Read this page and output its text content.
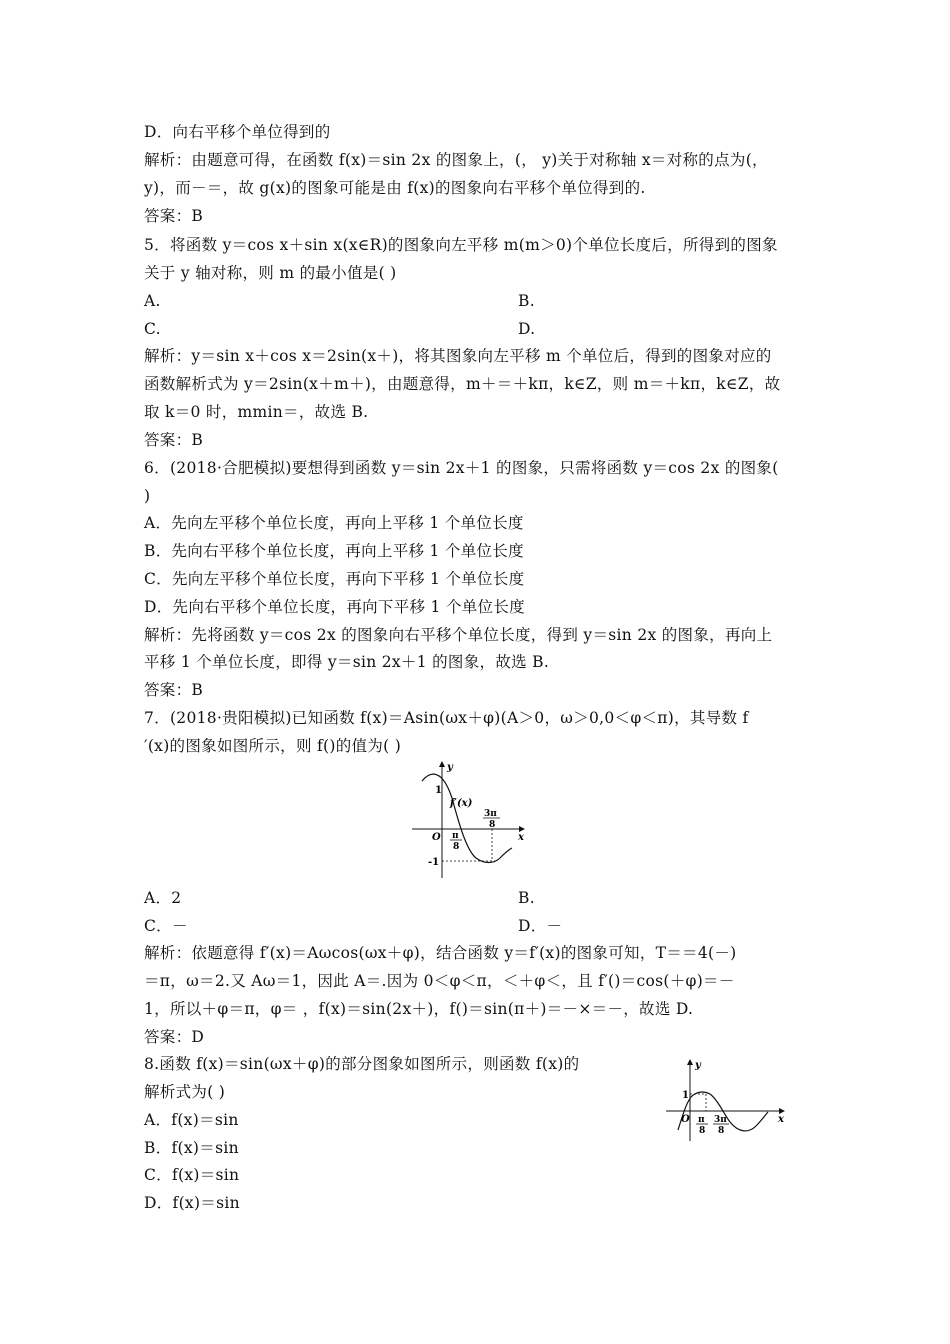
D．向右平移个单位得到的
解析：由题意可得，在函数 f(x)＝sin 2x 的图象上，(， y)关于对称轴 x＝对称的点为(，
y)，而－＝，故 g(x)的图象可能是由 f(x)的图象向右平移个单位得到的.
答案：B
5．将函数 y＝cos x＋sin x(x∈R)的图象向左平移 m(m＞0)个单位长度后，所得到的图象
关于 y 轴对称，则 m 的最小值是( )
A.
C.
解析：y＝sin x＋cos x＝2sin(x＋)，将其图象向左平移 m 个单位后，得到的图象对应的
函数解析式为 y＝2sin(x＋m＋)，由题意得，m＋＝＋kπ，k∈Z，则 m＝＋kπ，k∈Z，故
取 k＝0 时，mmin＝，故选 B.
答案：B
6．(2018·合肥模拟)要想得到函数 y＝sin 2x＋1 的图象，只需将函数 y＝cos 2x 的图象(
)
A．先向左平移个单位长度，再向上平移 1 个单位长度
B．先向右平移个单位长度，再向上平移 1 个单位长度
C．先向左平移个单位长度，再向下平移 1 个单位长度
D．先向右平移个单位长度，再向下平移 1 个单位长度
解析：先将函数 y＝cos 2x 的图象向右平移个单位长度，得到 y＝sin 2x 的图象，再向上
平移 1 个单位长度，即得 y＝sin 2x＋1 的图象，故选 B.
答案：B
7．(2018·贵阳模拟)已知函数 f(x)＝Asin(ωx＋φ)(A＞0，ω＞0,0＜φ＜π)，其导数 f
′(x)的图象如图所示，则 f()的值为( )
A．2
C．－
解析：依题意得 f′(x)＝Aωcos(ωx＋φ)，结合函数 y＝f′(x)的图象可知，T＝＝4(－)
＝π，ω＝2.又 Aω＝1，因此 A＝.因为 0＜φ＜π，＜＋φ＜，且 f′()＝cos(＋φ)＝－
1，所以＋φ＝π，φ＝ ，f(x)＝sin(2x＋)，f()＝sin(π＋)＝－×＝－，故选 D.
答案：D
8.函数 f(x)＝sin(ωx＋φ)的部分图象如图所示，则函数 f(x)的
解析式为( )
A．f(x)＝sin
B．f(x)＝sin
C．f(x)＝sin
D．f(x)＝sin
B.
D.
B.
D．－
y
x
O
1
-1
f′(x)
π
8
3π
8
y
x
O
1
π
8
3π
8
